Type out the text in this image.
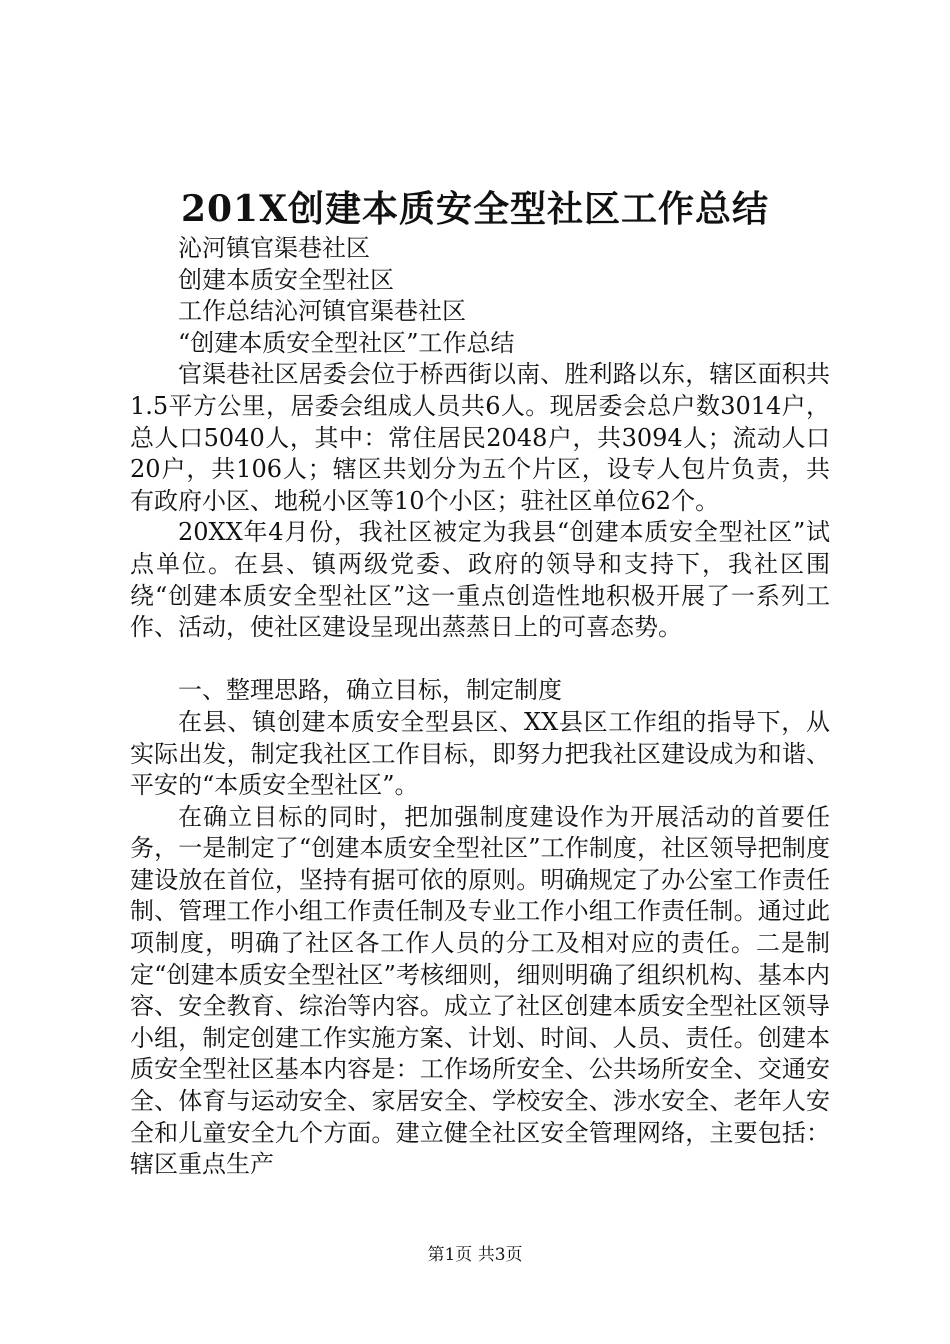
201X创建本质安全型社区工作总结

沁河镇官渠巷社区

创建本质安全型社区

工作总结沁河镇官渠巷社区

“创建本质安全型社区”工作总结

官渠巷社区居委会位于桥西街以南、胜利路以东，辖区面积共1.5平方公里，居委会组成人员共6人。现居委会总户数3014户，总人口5040人，其中：常住居民2048户，共3094人；流动人口20户，共106人；辖区共划分为五个片区，设专人包片负责，共有政府小区、地税小区等10个小区；驻社区单位62个。

20XX年4月份，我社区被定为我县“创建本质安全型社区”试点单位。在县、镇两级党委、政府的领导和支持下，我社区围绕“创建本质安全型社区”这一重点创造性地积极开展了一系列工作、活动，使社区建设呈现出蒸蒸日上的可喜态势。

一、整理思路，确立目标，制定制度

在县、镇创建本质安全型县区、XX县区工作组的指导下，从实际出发，制定我社区工作目标，即努力把我社区建设成为和谐、平安的“本质安全型社区”。

在确立目标的同时，把加强制度建设作为开展活动的首要任务，一是制定了“创建本质安全型社区”工作制度，社区领导把制度建设放在首位，坚持有据可依的原则。明确规定了办公室工作责任制、管理工作小组工作责任制及专业工作小组工作责任制。通过此项制度，明确了社区各工作人员的分工及相对应的责任。二是制定“创建本质安全型社区”考核细则，细则明确了组织机构、基本内容、安全教育、综治等内容。成立了社区创建本质安全型社区领导小组，制定创建工作实施方案、计划、时间、人员、责任。创建本质安全型社区基本内容是：工作场所安全、公共场所安全、交通安全、体育与运动安全、家居安全、学校安全、涉水安全、老年人安全和儿童安全九个方面。建立健全社区安全管理网络，主要包括：辖区重点生产

第1页 共3页
